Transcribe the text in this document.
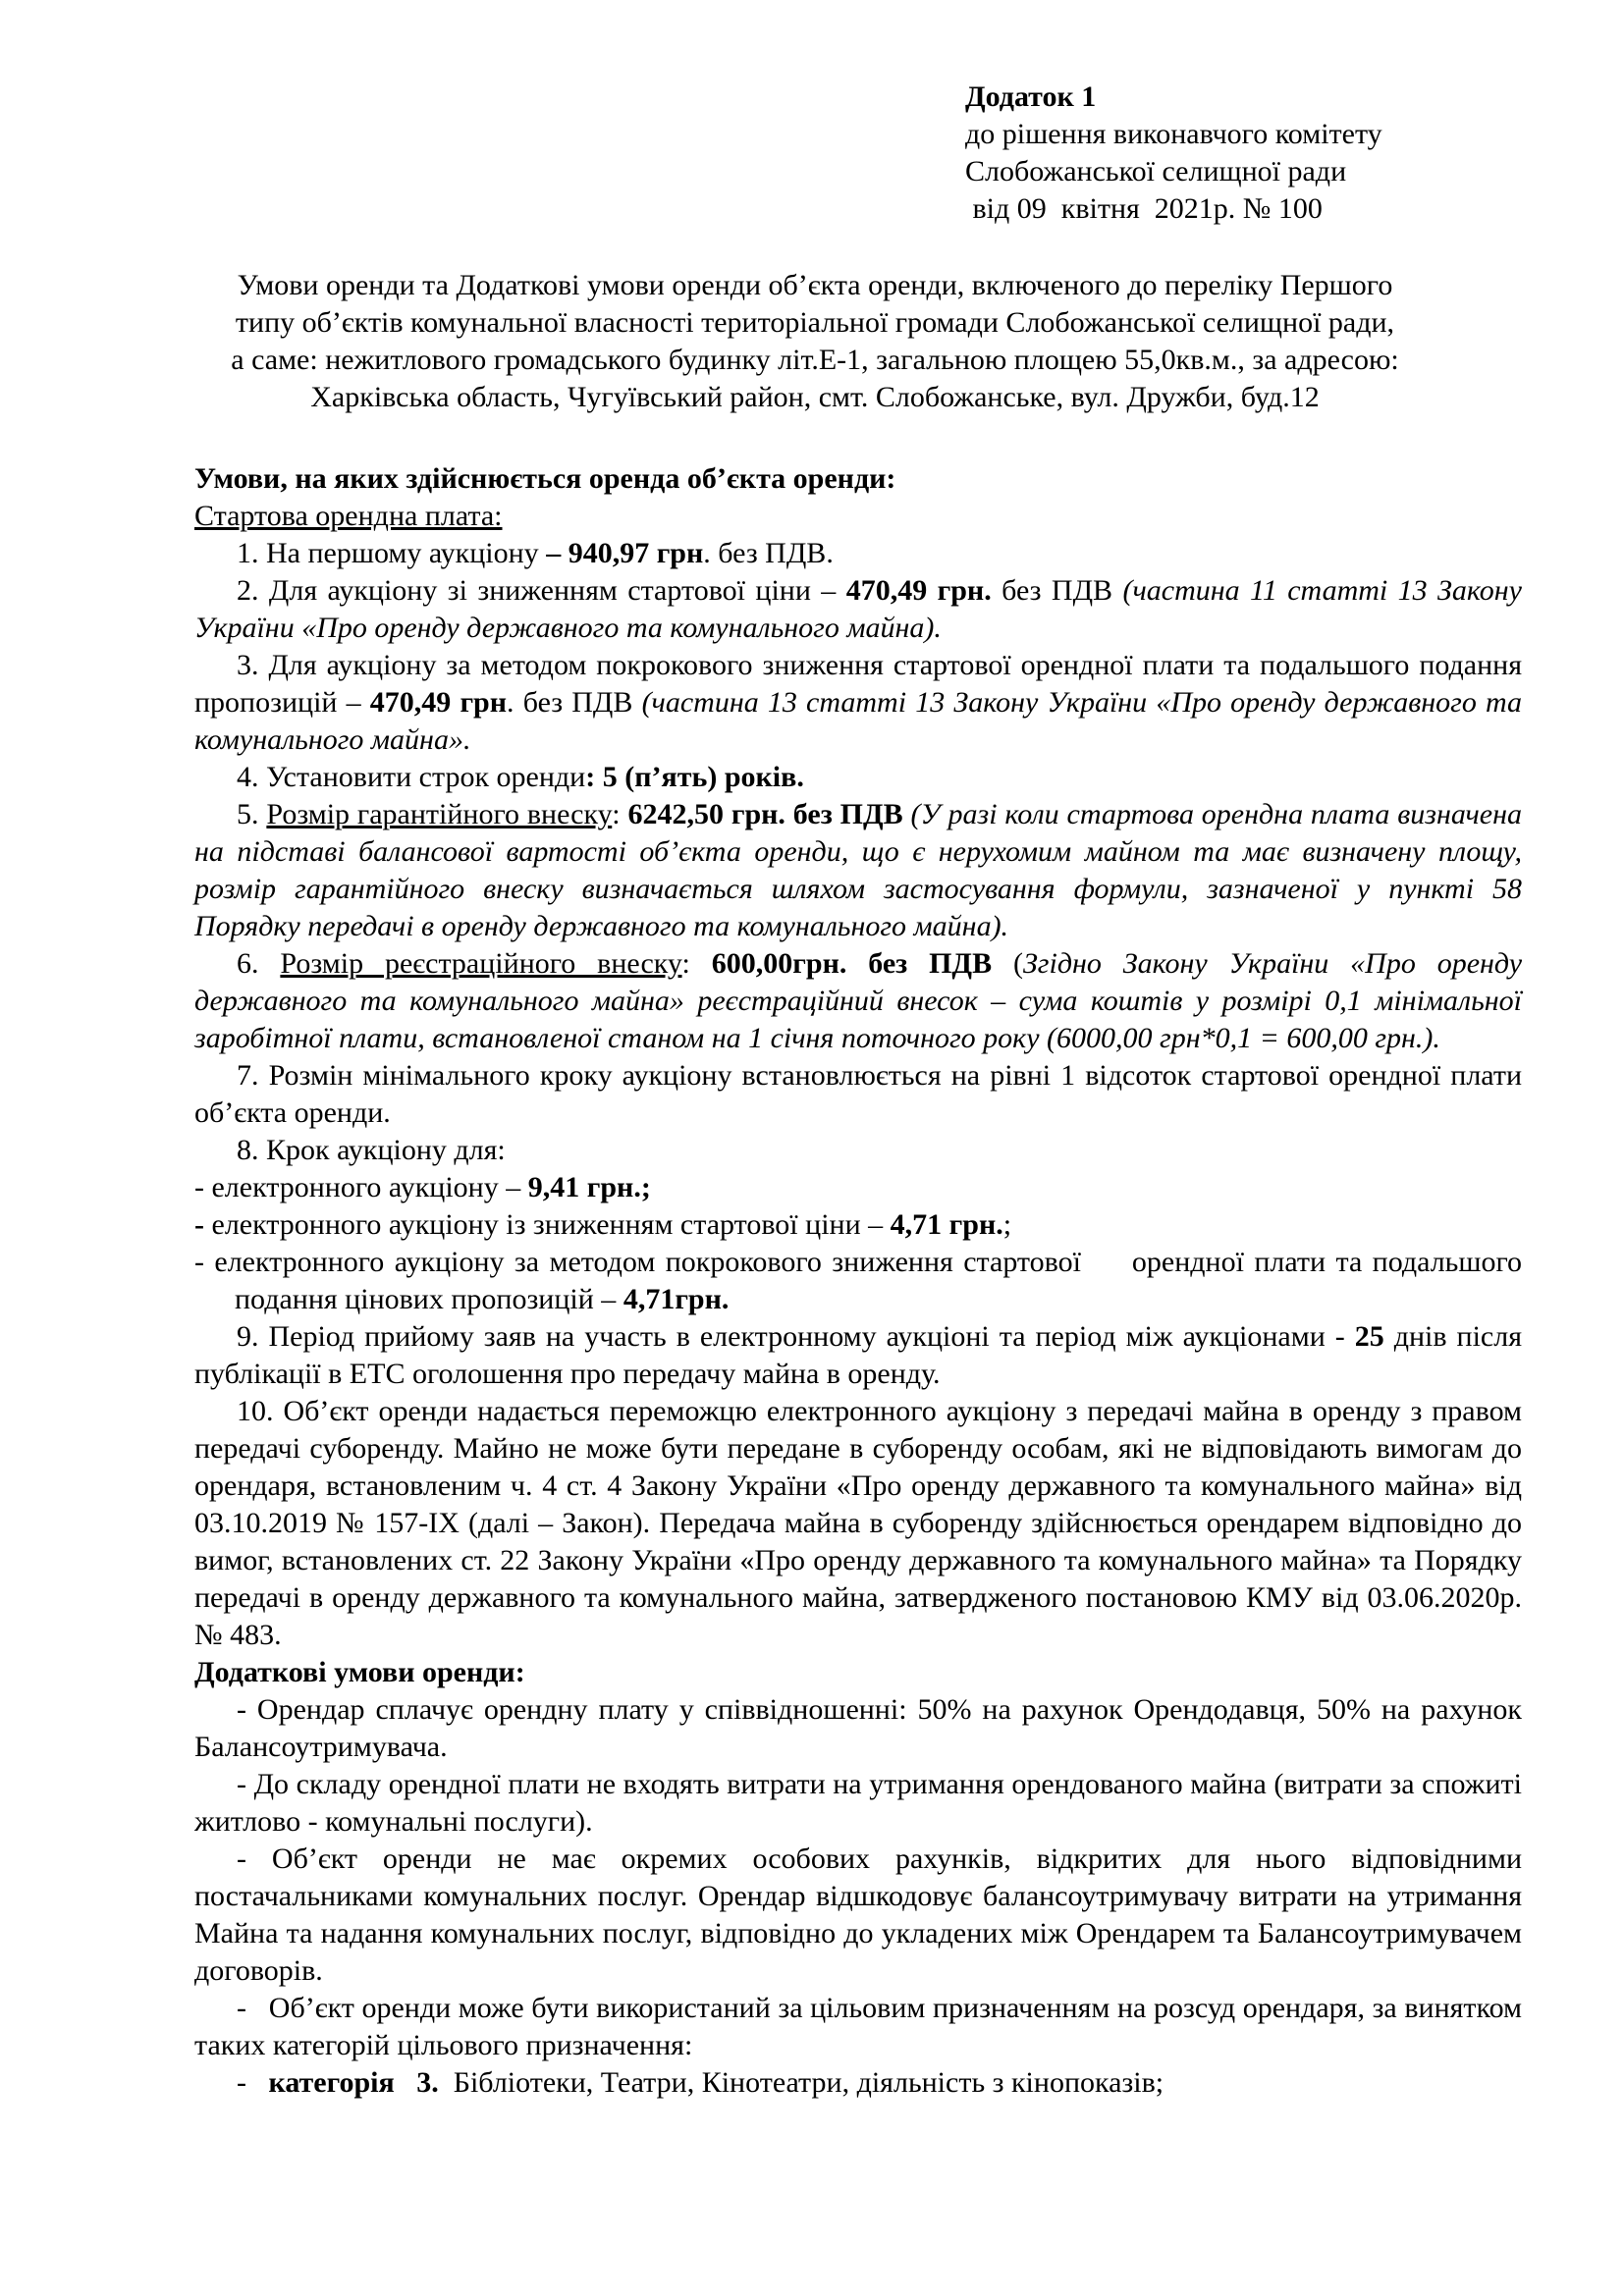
Додаток 1
до рішення виконавчого комітету
Слобожанської селищної ради
від 09  квітня  2021р. № 100
Умови оренди та Додаткові умови оренди об’єкта оренди, включеного до переліку Першого
типу об’єктів комунальної власності територіальної громади Слобожанської селищної ради,
а саме: нежитлового громадського будинку літ.Е-1, загальною площею 55,0кв.м., за адресою:
Харківська область, Чугуївський район, смт. Слобожанське, вул. Дружби, буд.12

Умови, на яких здійснюється оренда об’єкта оренди:

Стартова орендна плата:

1. На першому аукціону – 940,97 грн. без ПДВ.

2. Для аукціону зі зниженням стартової ціни – 470,49 грн. без ПДВ (частина 11 статті 13 Закону України «Про оренду державного та комунального майна).

3. Для аукціону за методом покрокового зниження стартової орендної плати та подальшого подання пропозицій – 470,49 грн. без ПДВ (частина 13 статті 13 Закону України «Про оренду державного та комунального майна».

4. Установити строк оренди: 5 (п’ять) років.

5. Розмір гарантійного внеску: 6242,50 грн. без ПДВ (У разі коли стартова орендна плата визначена на підставі балансової вартості об’єкта оренди, що є нерухомим майном та має визначену площу, розмір гарантійного внеску визначається шляхом застосування формули, зазначеної у пункті 58 Порядку передачі в оренду державного та комунального майна).

6. Розмір реєстраційного внеску: 600,00грн. без ПДВ (Згідно Закону України «Про оренду державного та комунального майна» реєстраційний внесок – сума коштів у розмірі 0,1 мінімальної заробітної плати, встановленої станом на 1 січня поточного року (6000,00 грн*0,1 = 600,00 грн.).

7. Розмін мінімального кроку аукціону встановлюється на рівні 1 відсоток стартової орендної плати об’єкта оренди.

8. Крок аукціону для:

- електронного аукціону – 9,41 грн.;

- електронного аукціону із зниженням стартової ціни – 4,71 грн.;

- електронного аукціону за методом покрокового зниження стартової     орендної плати та подальшого подання цінових пропозицій – 4,71грн.

9. Період прийому заяв на участь в електронному аукціоні та період між аукціонами - 25 днів після публікації в ЕТС оголошення про передачу майна в оренду.

10. Об’єкт оренди надається переможцю електронного аукціону з передачі майна в оренду з правом передачі суборенду. Майно не може бути передане в суборенду особам, які не відповідають вимогам до орендаря, встановленим ч. 4 ст. 4 Закону України «Про оренду державного та комунального майна» від 03.10.2019 № 157-ІХ (далі – Закон). Передача майна в суборенду здійснюється орендарем відповідно до вимог, встановлених ст. 22 Закону України «Про оренду державного та комунального майна» та Порядку передачі в оренду державного та комунального майна, затвердженого постановою КМУ від 03.06.2020р. № 483.

Додаткові умови оренди:

- Орендар сплачує орендну плату у співвідношенні: 50% на рахунок Орендодавця, 50% на рахунок Балансоутримувача.

- До складу орендної плати не входять витрати на утримання орендованого майна (витрати за спожиті житлово - комунальні послуги).

- Об’єкт оренди не має окремих особових рахунків, відкритих для нього відповідними постачальниками комунальних послуг. Орендар відшкодовує балансоутримувачу витрати на утримання Майна та надання комунальних послуг, відповідно до укладених між Орендарем та Балансоутримувачем договорів.

-   Об’єкт оренди може бути використаний за цільовим призначенням на розсуд орендаря, за винятком таких категорій цільового призначення:

-   категорія   3.  Бібліотеки, Театри, Кінотеатри, діяльність з кінопоказів;
